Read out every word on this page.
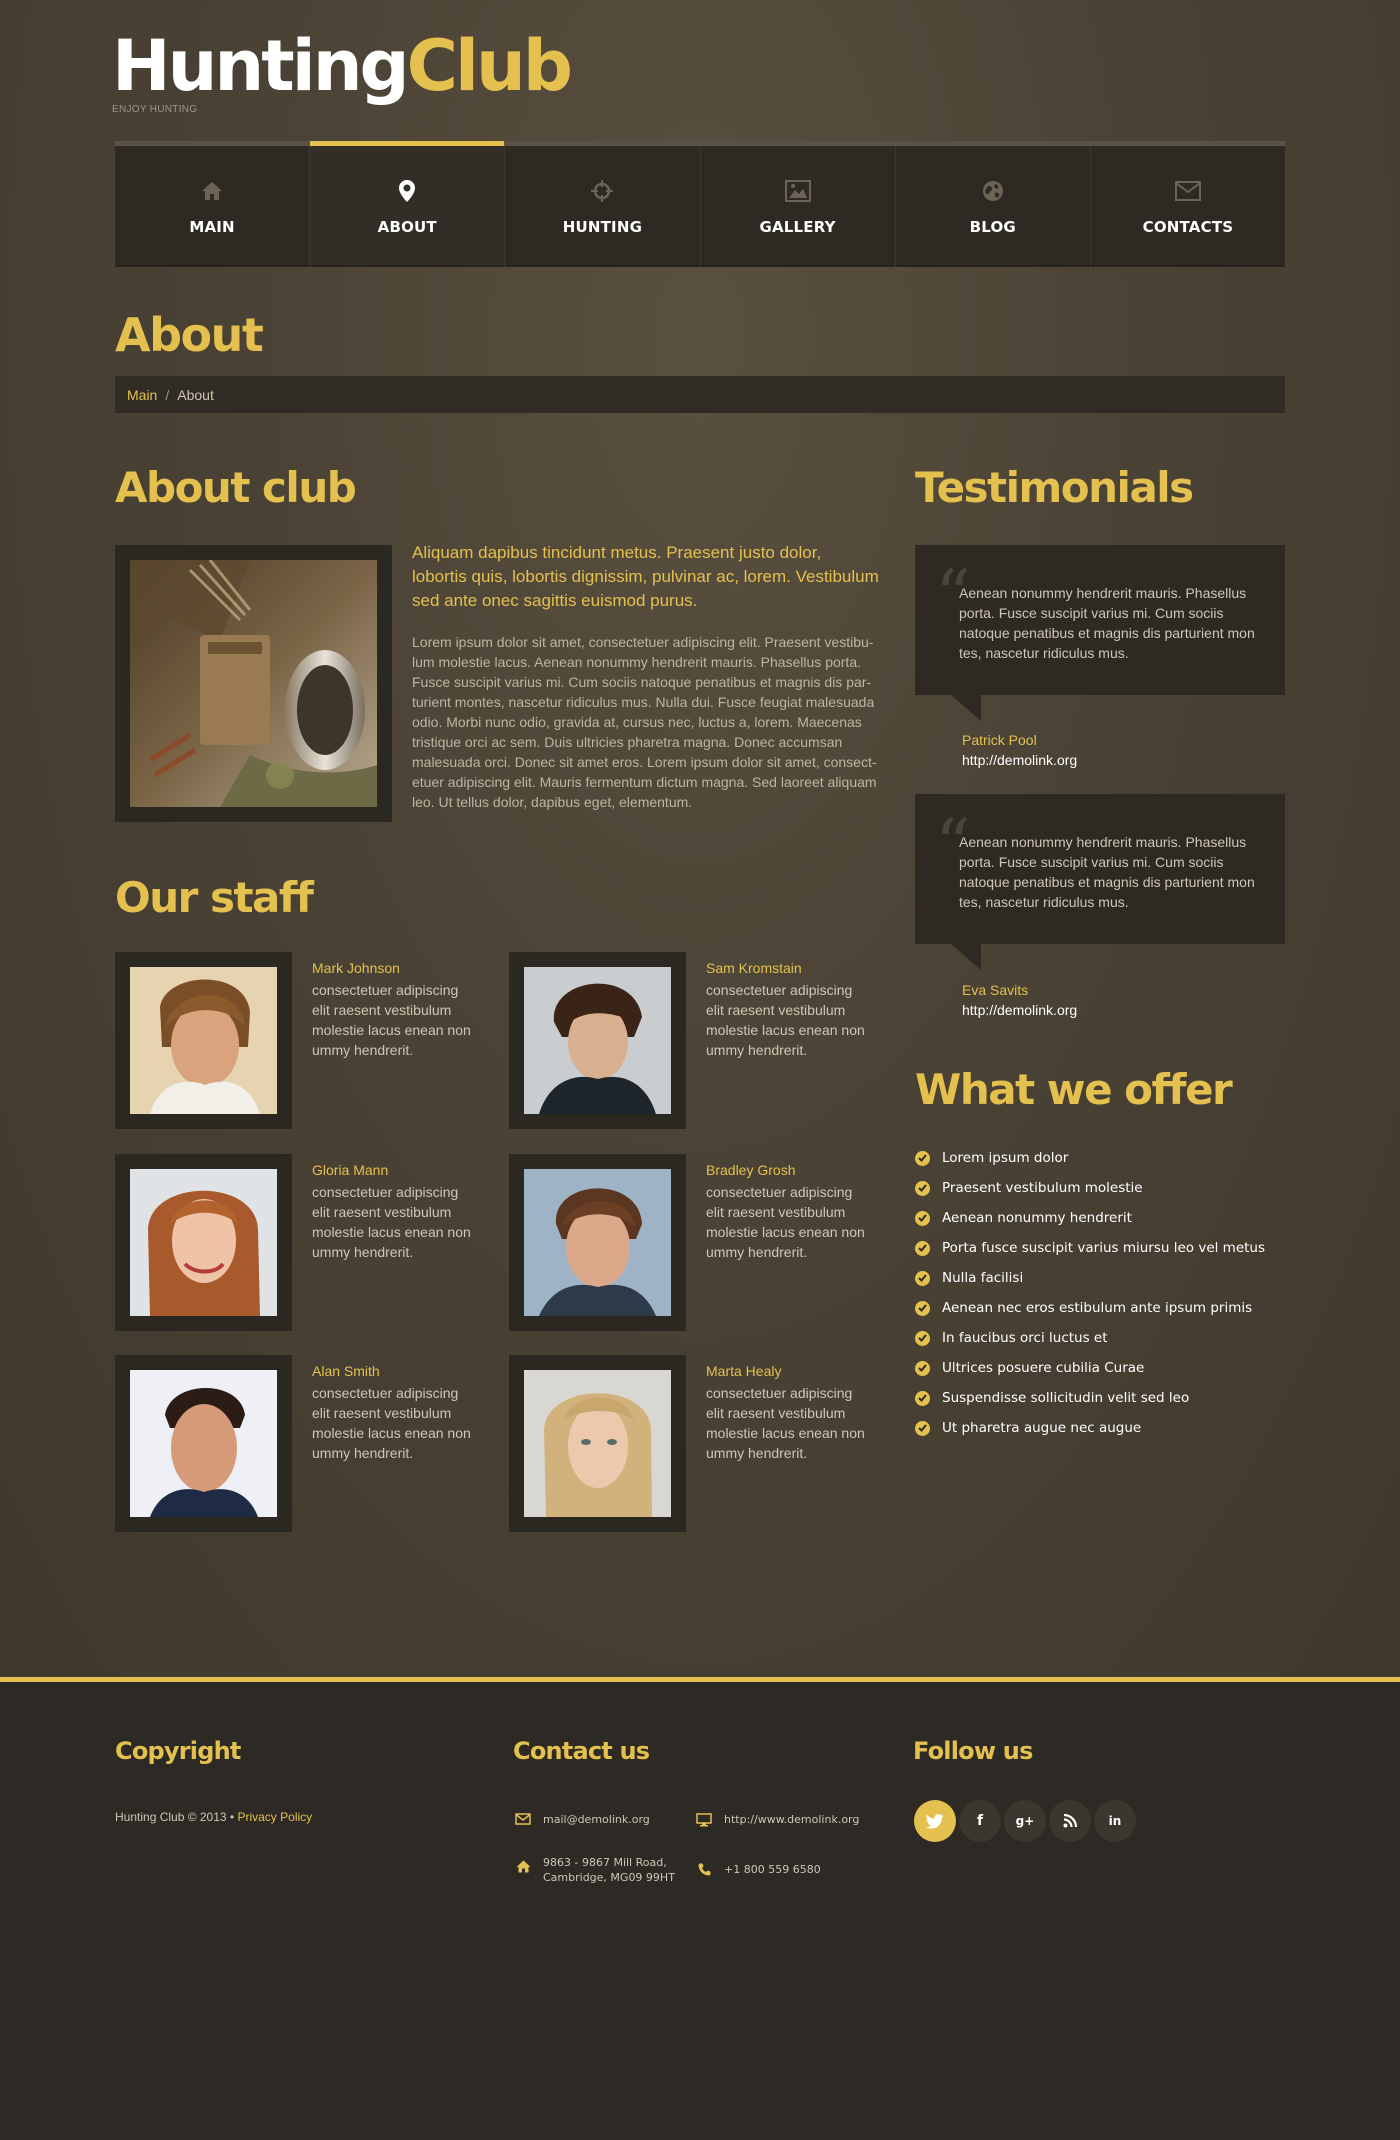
HuntingClub
ENJOY HUNTING
MAIN	ABOUT	HUNTING	GALLERY	BLOG	CONTACTS
About
Main / About
About club

Aliquam dapibus tincidunt metus. Praesent justo dolor, lobortis quis, lobortis dignissim, pulvinar ac, lorem. Vestibulum sed ante onec sagittis euismod purus.

Lorem ipsum dolor sit amet, consectetuer adipiscing elit. Praesent vestibu-lum molestie lacus. Aenean nonummy hendrerit mauris. Phasellus porta. Fusce suscipit varius mi. Cum sociis natoque penatibus et magnis dis par-turient montes, nascetur ridiculus mus. Nulla dui. Fusce feugiat malesuada odio. Morbi nunc odio, gravida at, cursus nec, luctus a, lorem. Maecenas tristique orci ac sem. Duis ultricies pharetra magna. Donec accumsan malesuada orci. Donec sit amet eros. Lorem ipsum dolor sit amet, consect-etuer adipiscing elit. Mauris fermentum dictum magna. Sed laoreet aliquam leo. Ut tellus dolor, dapibus eget, elementum.

Our staff
Mark Johnson
consectetuer adipiscing elit raesent vestibulum molestie lacus enean non ummy hendrerit.
Sam Kromstain
consectetuer adipiscing elit raesent vestibulum molestie lacus enean non ummy hendrerit.
Gloria Mann
consectetuer adipiscing elit raesent vestibulum molestie lacus enean non ummy hendrerit.
Bradley Grosh
consectetuer adipiscing elit raesent vestibulum molestie lacus enean non ummy hendrerit.
Alan Smith
consectetuer adipiscing elit raesent vestibulum molestie lacus enean non ummy hendrerit.
Marta Healy
consectetuer adipiscing elit raesent vestibulum molestie lacus enean non ummy hendrerit.
Testimonials
“

Aenean nonummy hendrerit mauris. Phasellus porta. Fusce suscipit varius mi. Cum sociis natoque penatibus et magnis dis parturient mon tes, nascetur ridiculus mus.

Patrick Pool
http://demolink.org
“

Aenean nonummy hendrerit mauris. Phasellus porta. Fusce suscipit varius mi. Cum sociis natoque penatibus et magnis dis parturient mon tes, nascetur ridiculus mus.

Eva Savits
http://demolink.org
What we offer
Lorem ipsum dolor
Praesent vestibulum molestie
Aenean nonummy hendrerit
Porta fusce suscipit varius miursu leo vel metus
Nulla facilisi
Aenean nec eros estibulum ante ipsum primis
In faucibus orci luctus et
Ultrices posuere cubilia Curae
Suspendisse sollicitudin velit sed leo
Ut pharetra augue nec augue
Copyright
Hunting Club © 2013 • Privacy Policy
Contact us
mail@demolink.org	http://www.demolink.org
9863 - 9867 Mill Road,
Cambridge, MG09 99HT
+1 800 559 6580
Follow us
f	g+	in
